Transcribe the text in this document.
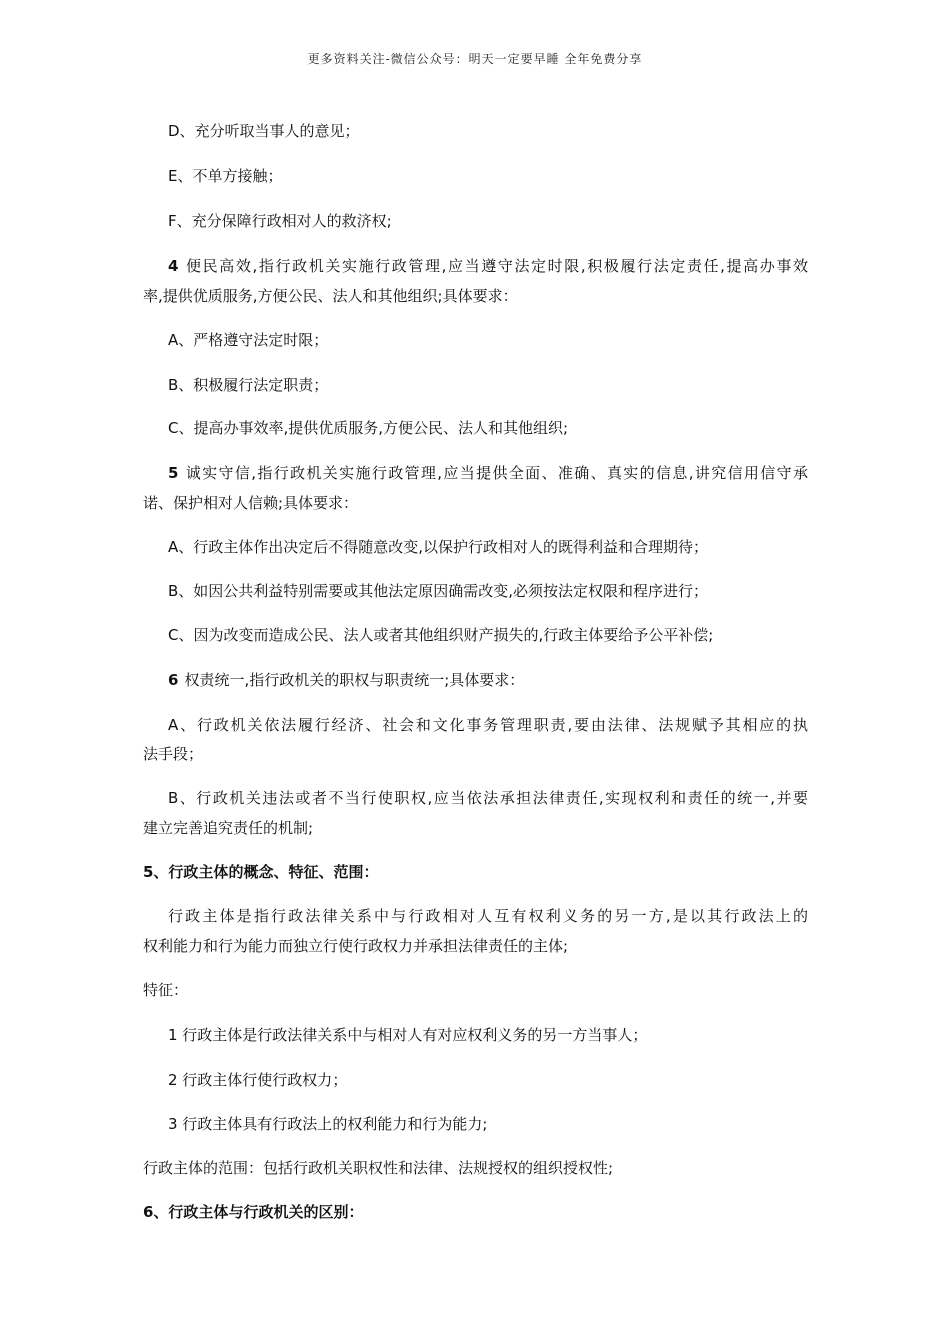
更多资料关注-微信公众号：明天一定要早睡 全年免费分享
D、充分听取当事人的意见；
E、不单方接触；
F、充分保障行政相对人的救济权;
4 便民高效,指行政机关实施行政管理,应当遵守法定时限,积极履行法定责任,提高办事效
率,提供优质服务,方便公民、法人和其他组织;具体要求：
A、严格遵守法定时限；
B、积极履行法定职责；
C、提高办事效率,提供优质服务,方便公民、法人和其他组织;
5 诚实守信,指行政机关实施行政管理,应当提供全面、准确、真实的信息,讲究信用信守承
诺、保护相对人信赖;具体要求：
A、行政主体作出决定后不得随意改变,以保护行政相对人的既得利益和合理期待；
B、如因公共利益特别需要或其他法定原因确需改变,必须按法定权限和程序进行；
C、因为改变而造成公民、法人或者其他组织财产损失的,行政主体要给予公平补偿;
6 权责统一,指行政机关的职权与职责统一;具体要求：
A、行政机关依法履行经济、社会和文化事务管理职责,要由法律、法规赋予其相应的执
法手段；
B、行政机关违法或者不当行使职权,应当依法承担法律责任,实现权利和责任的统一,并要
建立完善追究责任的机制;
5、行政主体的概念、特征、范围：
行政主体是指行政法律关系中与行政相对人互有权利义务的另一方,是以其行政法上的
权利能力和行为能力而独立行使行政权力并承担法律责任的主体;
特征：
1 行政主体是行政法律关系中与相对人有对应权利义务的另一方当事人；
2 行政主体行使行政权力；
3 行政主体具有行政法上的权利能力和行为能力;
行政主体的范围：包括行政机关职权性和法律、法规授权的组织授权性;
6、行政主体与行政机关的区别：
